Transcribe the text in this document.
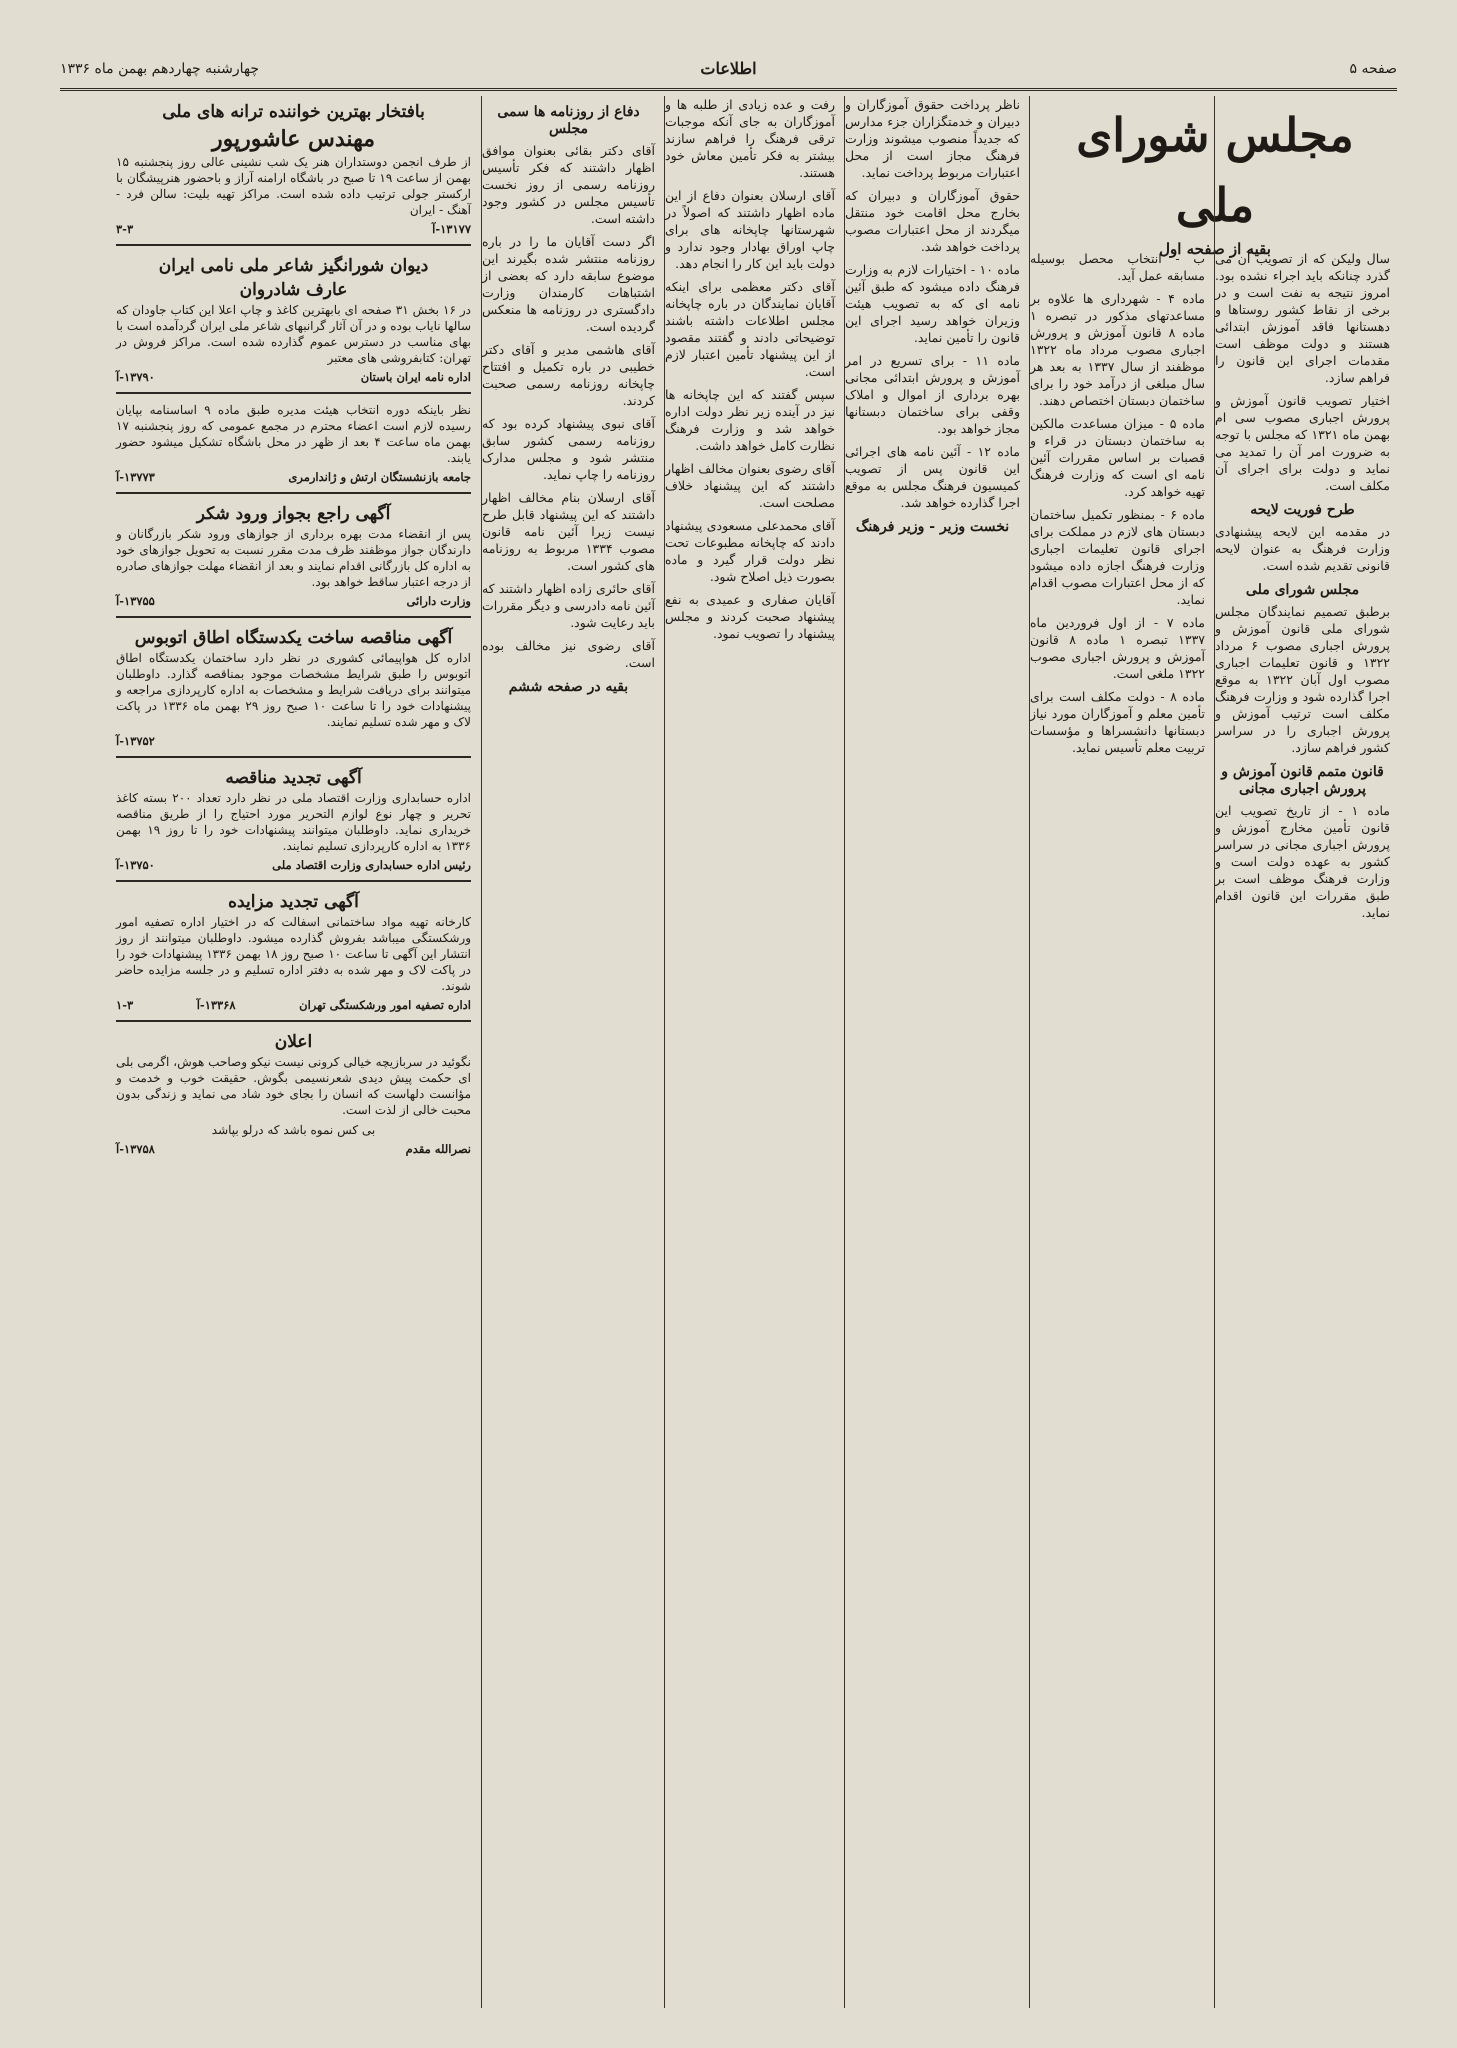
صفحه ۵
اطلاعات
چهارشنبه چهاردهم بهمن ماه ۱۳۳۶
مجلس شورای ملی
بقیه از صفحه اول

سال ولیکن که از تصویب آن می گذرد چنانکه باید اجراء نشده بود. امروز نتیجه به نفت است و در برخی از نقاط کشور روستاها و دهستانها فاقد آموزش ابتدائی هستند و دولت موظف است مقدمات اجرای این قانون را فراهم سازد.

اختیار تصویب قانون آموزش و پرورش اجباری مصوب سی ام بهمن ماه ۱۳۲۱ که مجلس با توجه به ضرورت امر آن را تمدید می نماید و دولت برای اجرای آن مکلف است.

طرح فوریت لایحه

در مقدمه این لایحه پیشنهادی وزارت فرهنگ به عنوان لایحه قانونی تقدیم شده است.

مجلس شورای ملی

برطبق تصمیم نمایندگان مجلس شورای ملی قانون آموزش و پرورش اجباری مصوب ۶ مرداد ۱۳۲۲ و قانون تعلیمات اجباری مصوب اول آبان ۱۳۲۲ به موقع اجرا گذارده شود و وزارت فرهنگ مکلف است ترتیب آموزش و پرورش اجباری را در سراسر کشور فراهم سازد.

قانون متمم قانون آموزش و پرورش اجباری مجانی

ماده ۱ - از تاریخ تصویب این قانون تأمین مخارج آموزش و پرورش اجباری مجانی در سراسر کشور به عهده دولت است و وزارت فرهنگ موظف است بر طبق مقررات این قانون اقدام نماید.

ب - انتخاب محصل بوسیله مسابقه عمل آید.

ماده ۴ - شهرداری ها علاوه بر مساعدتهای مذکور در تبصره ۱ ماده ۸ قانون آموزش و پرورش اجباری مصوب مرداد ماه ۱۳۲۲ موظفند از سال ۱۳۳۷ به بعد هر سال مبلغی از درآمد خود را برای ساختمان دبستان اختصاص دهند.

ماده ۵ - میزان مساعدت مالکین به ساختمان دبستان در قراء و قصبات بر اساس مقررات آئین نامه ای است که وزارت فرهنگ تهیه خواهد کرد.

ماده ۶ - بمنظور تکمیل ساختمان دبستان های لازم در مملکت برای اجرای قانون تعلیمات اجباری وزارت فرهنگ اجازه داده میشود که از محل اعتبارات مصوب اقدام نماید.

ماده ۷ - از اول فروردین ماه ۱۳۳۷ تبصره ۱ ماده ۸ قانون آموزش و پرورش اجباری مصوب ۱۳۲۲ ملغی است.

ماده ۸ - دولت مکلف است برای تأمین معلم و آموزگاران مورد نیاز دبستانها دانشسراها و مؤسسات تربیت معلم تأسیس نماید.

ناظر پرداخت حقوق آموزگاران و دبیران و خدمتگزاران جزء مدارس که جدیداً منصوب میشوند وزارت فرهنگ مجاز است از محل اعتبارات مربوط پرداخت نماید.

حقوق آموزگاران و دبیران که بخارج محل اقامت خود منتقل میگردند از محل اعتبارات مصوب پرداخت خواهد شد.

ماده ۱۰ - اختیارات لازم به وزارت فرهنگ داده میشود که طبق آئین نامه ای که به تصویب هیئت وزیران خواهد رسید اجرای این قانون را تأمین نماید.

ماده ۱۱ - برای تسریع در امر آموزش و پرورش ابتدائی مجانی بهره برداری از اموال و املاک وقفی برای ساختمان دبستانها مجاز خواهد بود.

ماده ۱۲ - آئین نامه های اجرائی این قانون پس از تصویب کمیسیون فرهنگ مجلس به موقع اجرا گذارده خواهد شد.

نخست وزیر - وزیر فرهنگ

رفت و عده زیادی از طلبه ها و آموزگاران به جای آنکه موجبات ترقی فرهنگ را فراهم سازند بیشتر به فکر تأمین معاش خود هستند.

آقای ارسلان بعنوان دفاع از این ماده اظهار داشتند که اصولاً در شهرستانها چاپخانه های برای چاپ اوراق بهادار وجود ندارد و دولت باید این کار را انجام دهد.

آقای دکتر معظمی برای اینکه آقایان نمایندگان در باره چاپخانه مجلس اطلاعات داشته باشند توضیحاتی دادند و گفتند مقصود از این پیشنهاد تأمین اعتبار لازم است.

سپس گفتند که این چاپخانه ها نیز در آینده زیر نظر دولت اداره خواهد شد و وزارت فرهنگ نظارت کامل خواهد داشت.

آقای رضوی بعنوان مخالف اظهار داشتند که این پیشنهاد خلاف مصلحت است.

آقای محمدعلی مسعودی پیشنهاد دادند که چاپخانه مطبوعات تحت نظر دولت قرار گیرد و ماده بصورت ذیل اصلاح شود.

آقایان صفاری و عمیدی به نفع پیشنهاد صحبت کردند و مجلس پیشنهاد را تصویب نمود.

دفاع از روزنامه ها سمی مجلس

آقای دکتر بقائی بعنوان موافق اظهار داشتند که فکر تأسیس روزنامه رسمی از روز نخست تأسیس مجلس در کشور وجود داشته است.

اگر دست آقایان ما را در باره روزنامه منتشر شده بگیرند این موضوع سابقه دارد که بعضی از اشتباهات کارمندان وزارت دادگستری در روزنامه ها منعکس گردیده است.

آقای هاشمی مدیر و آقای دکتر خطیبی در باره تکمیل و افتتاح چاپخانه روزنامه رسمی صحبت کردند.

آقای نبوی پیشنهاد کرده بود که روزنامه رسمی کشور سابق منتشر شود و مجلس مدارک روزنامه را چاپ نماید.

آقای ارسلان بنام مخالف اظهار داشتند که این پیشنهاد قابل طرح نیست زیرا آئین نامه قانون مصوب ۱۳۳۴ مربوط به روزنامه های کشور است.

آقای حائری زاده اظهار داشتند که آئین نامه دادرسی و دیگر مقررات باید رعایت شود.

آقای رضوی نیز مخالف بوده است.

بقیه در صفحه ششم
بافتخار بهترین خواننده ترانه های ملی
مهندس عاشورپور
از طرف انجمن دوستداران هنر یک شب نشینی عالی روز پنجشنبه ۱۵ بهمن از ساعت ۱۹ تا صبح در باشگاه ارامنه آراز و باحضور هنرپیشگان با ارکستر جولی ترتیب داده شده است. مراکز تهیه بلیت: سالن فرد - آهنگ - ایران
۱۳۱۷۷-آ
۳-۳
دیوان شورانگیز شاعر ملی نامی ایران
عارف شادروان
در ۱۶ بخش ۳۱ صفحه ای بابهترین کاغذ و چاپ اعلا این کتاب جاودان که سالها نایاب بوده و در آن آثار گرانبهای شاعر ملی ایران گردآمده است با بهای مناسب در دسترس عموم گذارده شده است. مراکز فروش در تهران: کتابفروشی های معتبر
اداره نامه ایران باستان
۱۳۷۹۰-آ
نظر باینکه دوره انتخاب هیئت مدیره طبق ماده ۹ اساسنامه بپایان رسیده لازم است اعضاء محترم در مجمع عمومی که روز پنجشنبه ۱۷ بهمن ماه ساعت ۴ بعد از ظهر در محل باشگاه تشکیل میشود حضور یابند.
جامعه بازنشستگان ارتش و ژاندارمری
۱۳۷۷۳-آ
آگهی راجع بجواز ورود شکر
پس از انقضاء مدت بهره برداری از جوازهای ورود شکر بازرگانان و دارندگان جواز موظفند ظرف مدت مقرر نسبت به تحویل جوازهای خود به اداره کل بازرگانی اقدام نمایند و بعد از انقضاء مهلت جوازهای صادره از درجه اعتبار ساقط خواهد بود.
وزارت دارائی
۱۳۷۵۵-آ
آگهی مناقصه ساخت یکدستگاه اطاق اتوبوس
اداره کل هواپیمائی کشوری در نظر دارد ساختمان یکدستگاه اطاق اتوبوس را طبق شرایط مشخصات موجود بمناقصه گذارد. داوطلبان میتوانند برای دریافت شرایط و مشخصات به اداره کارپردازی مراجعه و پیشنهادات خود را تا ساعت ۱۰ صبح روز ۲۹ بهمن ماه ۱۳۳۶ در پاکت لاک و مهر شده تسلیم نمایند.
۱۳۷۵۲-آ
آگهی تجدید مناقصه
اداره حسابداری وزارت اقتصاد ملی در نظر دارد تعداد ۲۰۰ بسته کاغذ تحریر و چهار نوع لوازم التحریر مورد احتیاج را از طریق مناقصه خریداری نماید. داوطلبان میتوانند پیشنهادات خود را تا روز ۱۹ بهمن ۱۳۳۶ به اداره کارپردازی تسلیم نمایند.
رئیس اداره حسابداری وزارت اقتصاد ملی
۱۳۷۵۰-آ
آگهی تجدید مزایده
کارخانه تهیه مواد ساختمانی اسفالت که در اختیار اداره تصفیه امور ورشکستگی میباشد بفروش گذارده میشود. داوطلبان میتوانند از روز انتشار این آگهی تا ساعت ۱۰ صبح روز ۱۸ بهمن ۱۳۳۶ پیشنهادات خود را در پاکت لاک و مهر شده به دفتر اداره تسلیم و در جلسه مزایده حاضر شوند.
اداره تصفیه امور ورشکستگی تهران
۱۳۳۶۸-آ
۱-۳
اعلان
نگوئید در سربازیچه خیالی کرونی نیست نیکو وصاحب هوش، اگرمی بلی ای حکمت پیش دیدی شعرنسیمی بگوش. حقیقت خوب و خدمت و مؤانست دلهاست که انسان را بجای خود شاد می نماید و زندگی بدون محبت خالی از لذت است.
بی کس نموه باشد که درلو بپاشد
نصرالله مقدم
۱۳۷۵۸-آ
